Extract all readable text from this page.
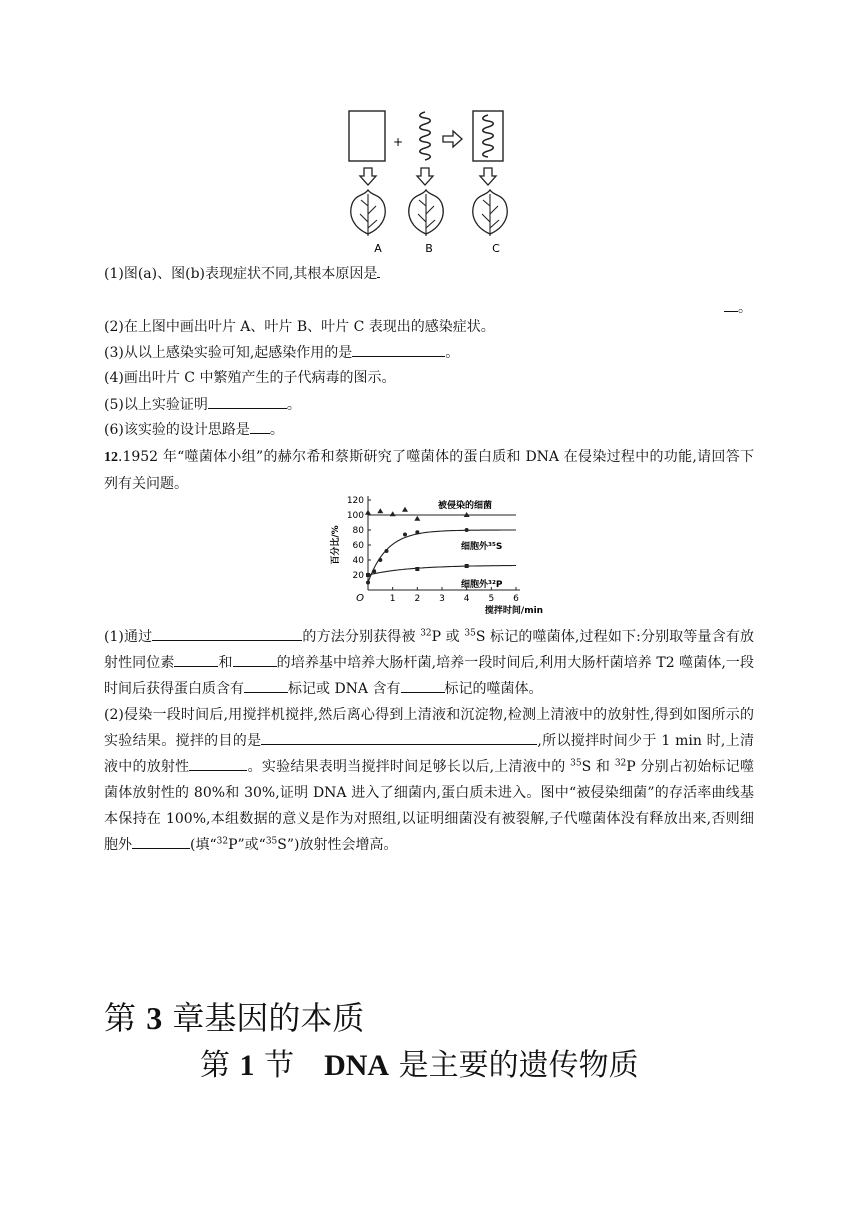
+
A	B	C
(1)图(a)、图(b)表现症状不同,其根本原因是
。
(2)在上图中画出叶片 A、叶片 B、叶片 C 表现出的感染症状。
(3)从以上感染实验可知,起感染作用的是	。
(4)画出叶片 C 中繁殖产生的子代病毒的图示。
(5)以上实验证明	。
(6)该实验的设计思路是 。
12.1952 年“噬菌体小组”的赫尔希和蔡斯研究了噬菌体的蛋白质和 DNA 在侵染过程中的功能,请回答下列有关问题。
1 2 3 4 5 6
20
40
60
80
100
120
O
搅拌时间/min
百分比/%
被侵染的细菌
细胞外³⁵S
细胞外³²P
(1)通过	的方法分别获得被 $^{32}$P 或 $^{35}$S 标记的噬菌体,过程如下:分别取等量含有放射性同位素	和	的培养基中培养大肠杆菌,培养一段时间后,利用大肠杆菌培养 T2 噬菌体,一段时间后获得蛋白质含有	标记或 DNA 含有	标记的噬菌体。
(2)侵染一段时间后,用搅拌机搅拌,然后离心得到上清液和沉淀物,检测上清液中的放射性,得到如图所示的实验结果。搅拌的目的是	,所以搅拌时间少于 1 min 时,上清液中的放射性	。实验结果表明当搅拌时间足够长以后,上清液中的 $^{35}$S 和 $^{32}$P 分别占初始标记噬菌体放射性的 80%和 30%,证明 DNA 进入了细菌内,蛋白质未进入。图中“被侵染细菌”的存活率曲线基本保持在 100%,本组数据的意义是作为对照组,以证明细菌没有被裂解,子代噬菌体没有释放出来,否则细胞外	(填“$^{32}$P”或“$^{35}$S”)放射性会增高。
第 3 章基因的本质
第 1 节 DNA 是主要的遗传物质
